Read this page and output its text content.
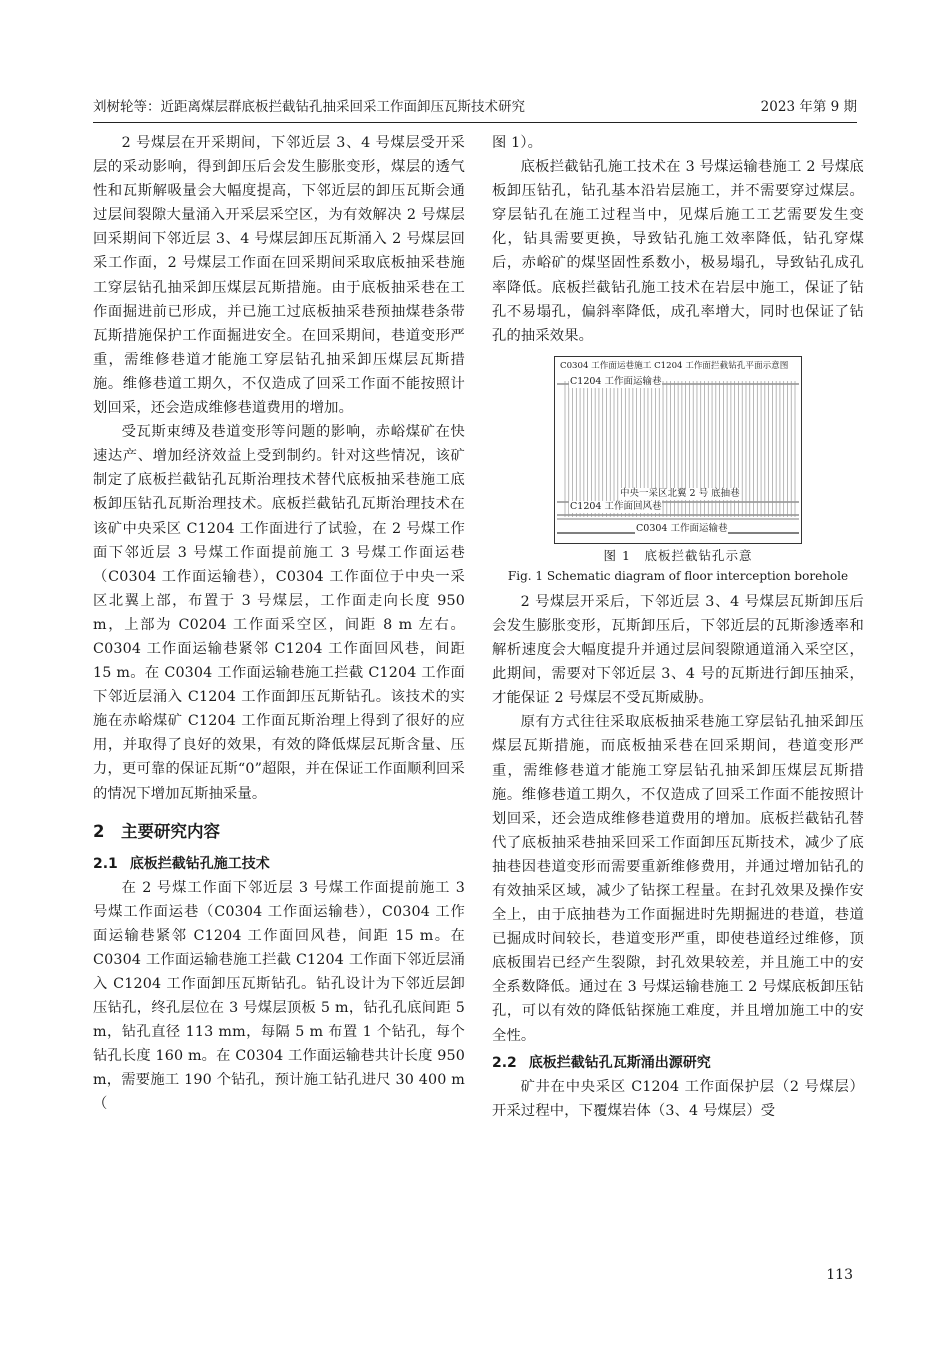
刘树轮等：近距离煤层群底板拦截钻孔抽采回采工作面卸压瓦斯技术研究	2023 年第 9 期

2 号煤层在开采期间，下邻近层 3、4 号煤层受开采层的采动影响，得到卸压后会发生膨胀变形，煤层的透气性和瓦斯解吸量会大幅度提高，下邻近层的卸压瓦斯会通过层间裂隙大量涌入开采层采空区，为有效解决 2 号煤层回采期间下邻近层 3、4 号煤层卸压瓦斯涌入 2 号煤层回采工作面，2 号煤层工作面在回采期间采取底板抽采巷施工穿层钻孔抽采卸压煤层瓦斯措施。由于底板抽采巷在工作面掘进前已形成，并已施工过底板抽采巷预抽煤巷条带瓦斯措施保护工作面掘进安全。在回采期间，巷道变形严重，需维修巷道才能施工穿层钻孔抽采卸压煤层瓦斯措施。维修巷道工期久，不仅造成了回采工作面不能按照计划回采，还会造成维修巷道费用的增加。

受瓦斯束缚及巷道变形等问题的影响，赤峪煤矿在快速达产、增加经济效益上受到制约。针对这些情况，该矿制定了底板拦截钻孔瓦斯治理技术替代底板抽采巷施工底板卸压钻孔瓦斯治理技术。底板拦截钻孔瓦斯治理技术在该矿中央采区 C1204 工作面进行了试验，在 2 号煤工作面下邻近层 3 号煤工作面提前施工 3 号煤工作面运巷（C0304 工作面运输巷），C0304 工作面位于中央一采区北翼上部，布置于 3 号煤层，工作面走向长度 950 m，上部为 C0204 工作面采空区，间距 8 m 左右。C0304 工作面运输巷紧邻 C1204 工作面回风巷，间距 15 m。在 C0304 工作面运输巷施工拦截 C1204 工作面下邻近层涌入 C1204 工作面卸压瓦斯钻孔。该技术的实施在赤峪煤矿 C1204 工作面瓦斯治理上得到了很好的应用，并取得了良好的效果，有效的降低煤层瓦斯含量、压力，更可靠的保证瓦斯“0”超限，并在保证工作面顺利回采的情况下增加瓦斯抽采量。

2　主要研究内容
2.1 底板拦截钻孔施工技术

在 2 号煤工作面下邻近层 3 号煤工作面提前施工 3 号煤工作面运巷（C0304 工作面运输巷），C0304 工作面运输巷紧邻 C1204 工作面回风巷，间距 15 m。在 C0304 工作面运输巷施工拦截 C1204 工作面下邻近层涌入 C1204 工作面卸压瓦斯钻孔。钻孔设计为下邻近层卸压钻孔，终孔层位在 3 号煤层顶板 5 m，钻孔孔底间距 5 m，钻孔直径 113 mm，每隔 5 m 布置 1 个钻孔，每个钻孔长度 160 m。在 C0304 工作面运输巷共计长度 950 m，需要施工 190 个钻孔，预计施工钻孔进尺 30 400 m（

图 1）。

底板拦截钻孔施工技术在 3 号煤运输巷施工 2 号煤底板卸压钻孔，钻孔基本沿岩层施工，并不需要穿过煤层。穿层钻孔在施工过程当中，见煤后施工工艺需要发生变化，钻具需要更换，导致钻孔施工效率降低，钻孔穿煤后，赤峪矿的煤坚固性系数小，极易塌孔，导致钻孔成孔率降低。底板拦截钻孔施工技术在岩层中施工，保证了钻孔不易塌孔，偏斜率降低，成孔率增大，同时也保证了钻孔的抽采效果。

C0304 工作面运巷施工 C1204 工作面拦截钻孔平面示意图
C1204 工作面运输巷
中央一采区北翼 2 号 底抽巷
C1204 工作面回风巷
C0304 工作面运输巷
图 1　底板拦截钻孔示意
Fig. 1 Schematic diagram of floor interception borehole

2 号煤层开采后，下邻近层 3、4 号煤层瓦斯卸压后会发生膨胀变形，瓦斯卸压后，下邻近层的瓦斯渗透率和解析速度会大幅度提升并通过层间裂隙通道涌入采空区，此期间，需要对下邻近层 3、4 号的瓦斯进行卸压抽采，才能保证 2 号煤层不受瓦斯威胁。

原有方式往往采取底板抽采巷施工穿层钻孔抽采卸压煤层瓦斯措施，而底板抽采巷在回采期间，巷道变形严重，需维修巷道才能施工穿层钻孔抽采卸压煤层瓦斯措施。维修巷道工期久，不仅造成了回采工作面不能按照计划回采，还会造成维修巷道费用的增加。底板拦截钻孔替代了底板抽采巷抽采回采工作面卸压瓦斯技术，减少了底抽巷因巷道变形而需要重新维修费用，并通过增加钻孔的有效抽采区域，减少了钻探工程量。在封孔效果及操作安全上，由于底抽巷为工作面掘进时先期掘进的巷道，巷道已掘成时间较长，巷道变形严重，即使巷道经过维修，顶底板围岩已经产生裂隙，封孔效果较差，并且施工中的安全系数降低。通过在 3 号煤运输巷施工 2 号煤底板卸压钻孔，可以有效的降低钻探施工难度，并且增加施工中的安全性。

2.2 底板拦截钻孔瓦斯涌出源研究

矿井在中央采区 C1204 工作面保护层（2 号煤层）开采过程中，下覆煤岩体（3、4 号煤层）受

113
